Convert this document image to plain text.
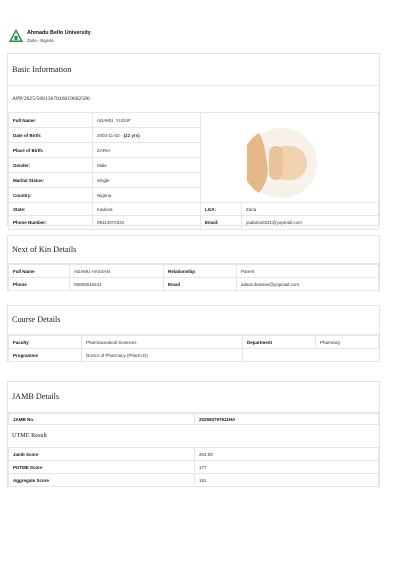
Ahmadu Bello University
Zaria - Nigeria
Basic Information
APP/2025/5681367046019682580
Full Name:	ADAMU, YUSUF	

Date of Birth:	2003-11-02 - (22 yrs)		
Place of Birth:	ZARIA		
Gender:	Male		
Marital Status:	Single		
Country:	Nigeria		
State:	Kaduna	LGA:	Zaria
Phone Number:	09114070331	Email:	yadamu0331@yopmail.com
Next of Kin Details
Full Name	ADAMU HASSAN	Relationship	Parent
Phone	09050816241	Email	adamuhassan@yopmail.com
Course Details
Faculty	Pharmaceutical Sciences	Department	Pharmacy
Programme	Doctor of Pharmacy (Pharm D)		
JAMB Details
JAMB No.	202550797611HA
UTME Result
Jamb Score	204.00
PUTME Score	177
Aggregate Score	191
